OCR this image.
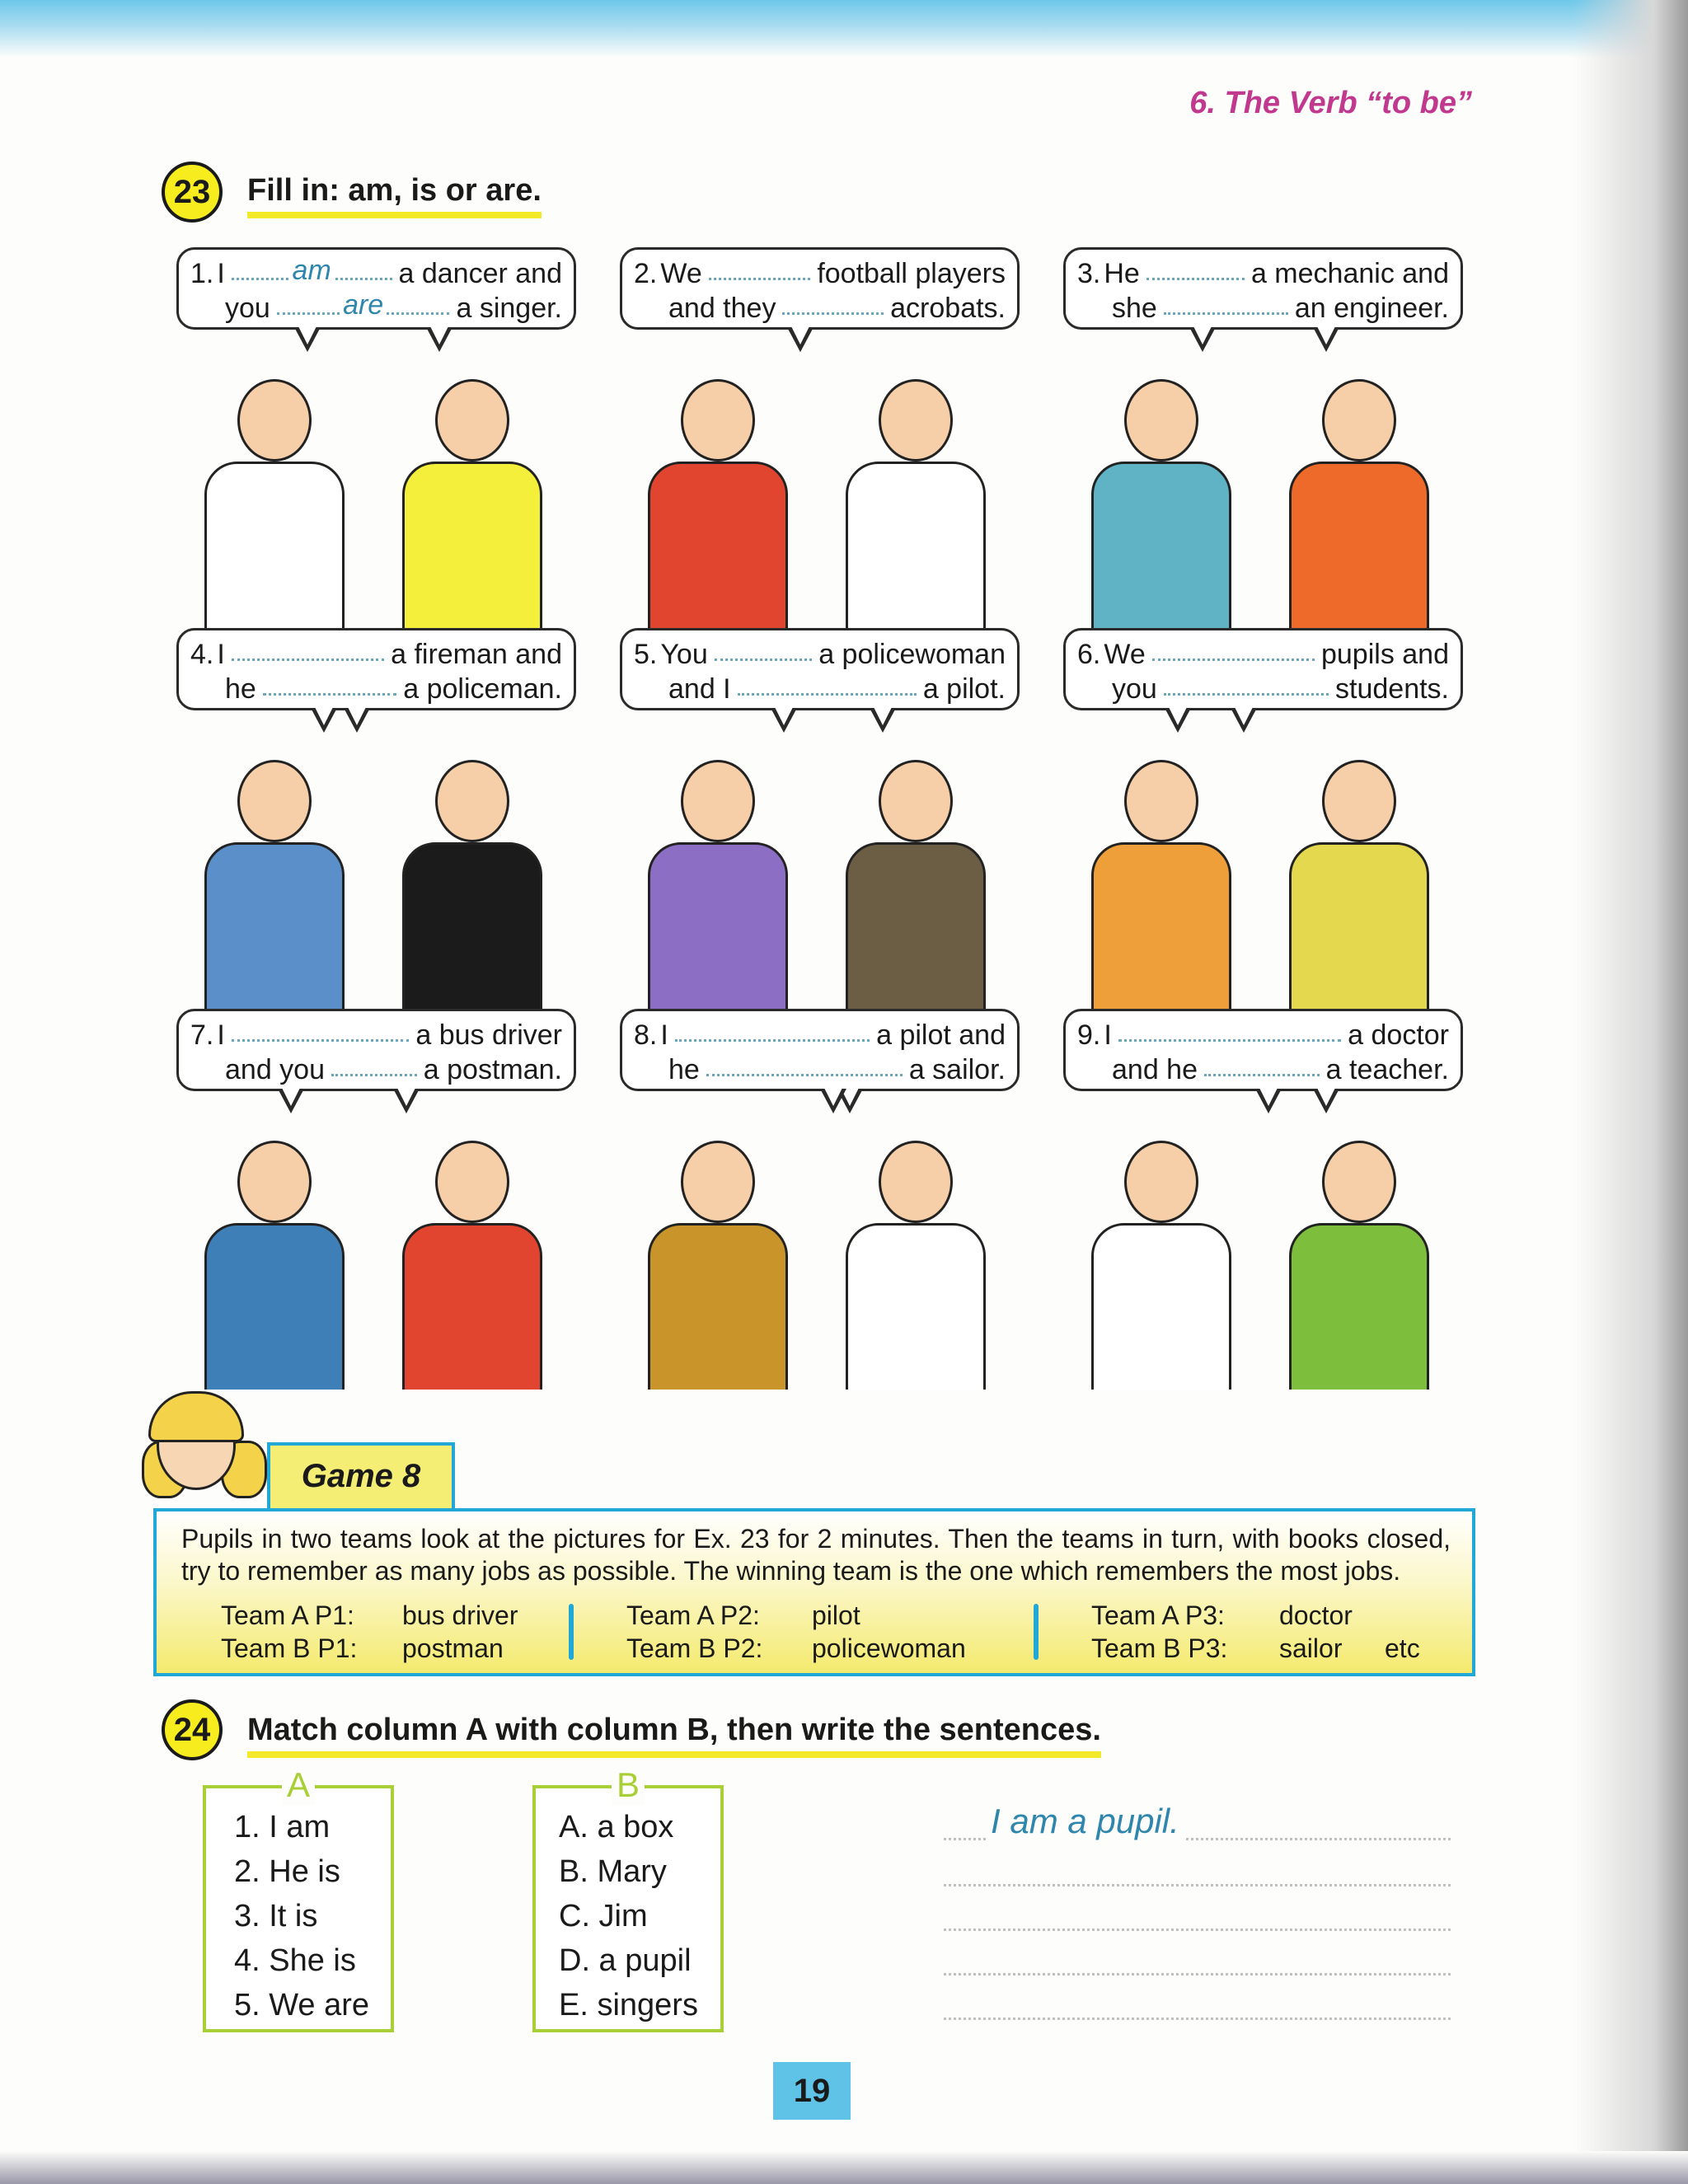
6. The Verb “to be”
23	Fill in: am, is or are.
1. I am a dancer and
you	are	a singer.
2. We	football players
and they	acrobats.
3. He	a mechanic and
she	an engineer.
4. I	a fireman and
he	a policeman.
5. You	a policewoman
and I	a pilot.
6. We	pupils and
you	students.
7. I	a bus driver
and you	a postman.
8. I	a pilot and
he	a sailor.
9. I	a doctor
and he	a teacher.
Game 8
Pupils in two teams look at the pictures for Ex. 23 for 2 minutes. Then the teams in turn, with books closed, try to remember as many jobs as possible. The winning team is the one which remembers the most jobs.
Team A P1: bus driver
Team B P1: postman
Team A P2: pilot
Team B P2: policewoman
Team A P3: doctor
Team B P3: sailor etc
24	Match column A with column B, then write the sentences.
A
1. I am
2. He is
3. It is
4. She is
5. We are
B
A. a box
B. Mary
C. Jim
D. a pupil
E. singers
I am a pupil.
19
